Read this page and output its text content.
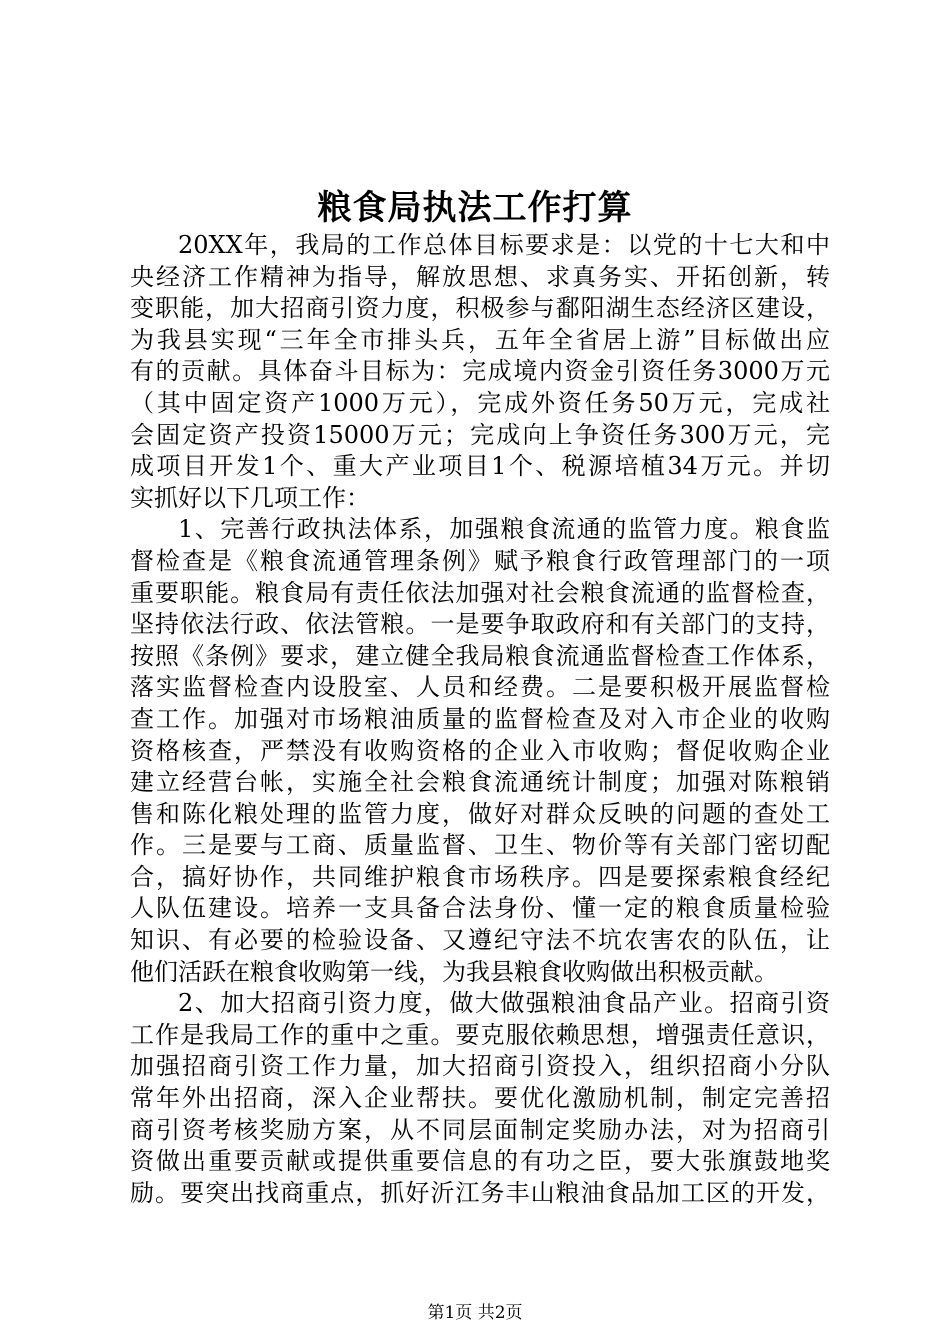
粮食局执法工作打算
20XX年，我局的工作总体目标要求是：以党的十七大和中
央经济工作精神为指导，解放思想、求真务实、开拓创新，转
变职能，加大招商引资力度，积极参与鄱阳湖生态经济区建设，
为我县实现“三年全市排头兵，五年全省居上游”目标做出应
有的贡献。具体奋斗目标为：完成境内资金引资任务3000万元
（其中固定资产1000万元），完成外资任务50万元，完成社
会固定资产投资15000万元；完成向上争资任务300万元，完
成项目开发1个、重大产业项目1个、税源培植34万元。并切
实抓好以下几项工作：
1、完善行政执法体系，加强粮食流通的监管力度。粮食监
督检查是《粮食流通管理条例》赋予粮食行政管理部门的一项
重要职能。粮食局有责任依法加强对社会粮食流通的监督检查，
坚持依法行政、依法管粮。一是要争取政府和有关部门的支持，
按照《条例》要求，建立健全我局粮食流通监督检查工作体系，
落实监督检查内设股室、人员和经费。二是要积极开展监督检
查工作。加强对市场粮油质量的监督检查及对入市企业的收购
资格核查，严禁没有收购资格的企业入市收购；督促收购企业
建立经营台帐，实施全社会粮食流通统计制度；加强对陈粮销
售和陈化粮处理的监管力度，做好对群众反映的问题的查处工
作。三是要与工商、质量监督、卫生、物价等有关部门密切配
合，搞好协作，共同维护粮食市场秩序。四是要探索粮食经纪
人队伍建设。培养一支具备合法身份、懂一定的粮食质量检验
知识、有必要的检验设备、又遵纪守法不坑农害农的队伍，让
他们活跃在粮食收购第一线，为我县粮食收购做出积极贡献。
2、加大招商引资力度，做大做强粮油食品产业。招商引资
工作是我局工作的重中之重。要克服依赖思想，增强责任意识，
加强招商引资工作力量，加大招商引资投入，组织招商小分队
常年外出招商，深入企业帮扶。要优化激励机制，制定完善招
商引资考核奖励方案，从不同层面制定奖励办法，对为招商引
资做出重要贡献或提供重要信息的有功之臣，要大张旗鼓地奖
励。要突出找商重点，抓好沂江务丰山粮油食品加工区的开发，
第1页 共2页
